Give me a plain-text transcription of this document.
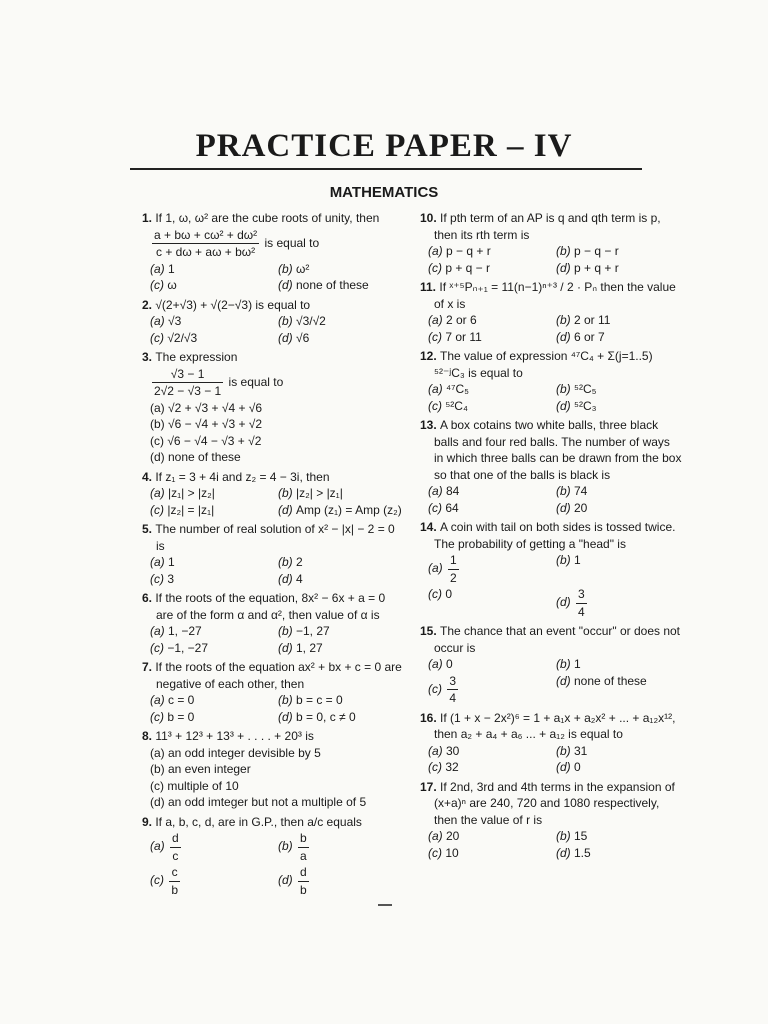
PRACTICE PAPER – IV
MATHEMATICS
1. If 1, ω, ω² are the cube roots of unity, then
$\frac{\text{a + bω + cω² + dω²}}{\text{c + dω + aω + bω²}}$ is equal to
(a) 1	(b) ω²
(c) ω	(d) none of these
2. √(2+√3) + √(2−√3) is equal to
(a) √3	(b) √3/√2
(c) √2/√3	(d) √6
3. The expression
$\frac{√3 - 1}{2√2 - √3 - 1}$ is equal to
(a) √2 + √3 + √4 + √6
(b) √6 − √4 + √3 + √2
(c) √6 − √4 − √3 + √2
(d) none of these
4. If z₁ = 3 + 4i and z₂ = 4 − 3i, then
(a) |z₁| > |z₂|	(b) |z₂| > |z₁|
(c) |z₂| = |z₁|	(d) Amp (z₁) = Amp (z₂)
5. The number of real solution of x² − |x| − 2 = 0 is
(a) 1	(b) 2
(c) 3	(d) 4
6. If the roots of the equation, 8x² − 6x + a = 0 are of the form α and α², then value of α is
(a) 1, −27	(b) −1, 27
(c) −1, −27	(d) 1, 27
7. If the roots of the equation ax² + bx + c = 0 are negative of each other, then
(a) c = 0	(b) b = c = 0
(c) b = 0	(d) b = 0, c ≠ 0
8. 11³ + 12³ + 13³ + . . . . + 20³ is
(a) an odd integer devisible by 5
(b) an even integer
(c) multiple of 10
(d) an odd imteger but not a multiple of 5
9. If a, b, c, d, are in G.P., then a/c equals
$(a) \frac{d}{c}$	$(b) \frac{b}{a}$
$(c) \frac{c}{b}$	$(d) \frac{d}{b}$
10. If pth term of an AP is q and qth term is p, then its rth term is
(a) p − q + r	(b) p − q − r
(c) p + q − r	(d) p + q + r
11. If ˣ⁺⁵Pₙ₊₁ = 11(n−1)ⁿ⁺³ / 2 · Pₙ then the value of x is
(a) 2 or 6	(b) 2 or 11
(c) 7 or 11	(d) 6 or 7
12. The value of expression ⁴⁷C₄ + Σ(j=1..5) ⁵²⁻ʲC₃ is equal to
(a) ⁴⁷C₅	(b) ⁵²C₅
(c) ⁵²C₄	(d) ⁵²C₃
13. A box cotains two white balls, three black balls and four red balls. The number of ways in which three balls can be drawn from the box so that one of the balls is black is
(a) 84	(b) 74
(c) 64	(d) 20
14. A coin with tail on both sides is tossed twice. The probability of getting a "head" is
$(a) \frac{1}{2}$	(b) 1
(c) 0
$(d) \frac{3}{4}$
15. The chance that an event "occur" or does not occur is
(a) 0	(b) 1
$(c) \frac{3}{4}$	(d) none of these
16. If (1 + x − 2x²)⁶ = 1 + a₁x + a₂x² + ... + a₁₂x¹², then a₂ + a₄ + a₆ ... + a₁₂ is equal to
(a) 30	(b) 31
(c) 32	(d) 0
17. If 2nd, 3rd and 4th terms in the expansion of (x+a)ⁿ are 240, 720 and 1080 respectively, then the value of r is
(a) 20	(b) 15
(c) 10	(d) 1.5
